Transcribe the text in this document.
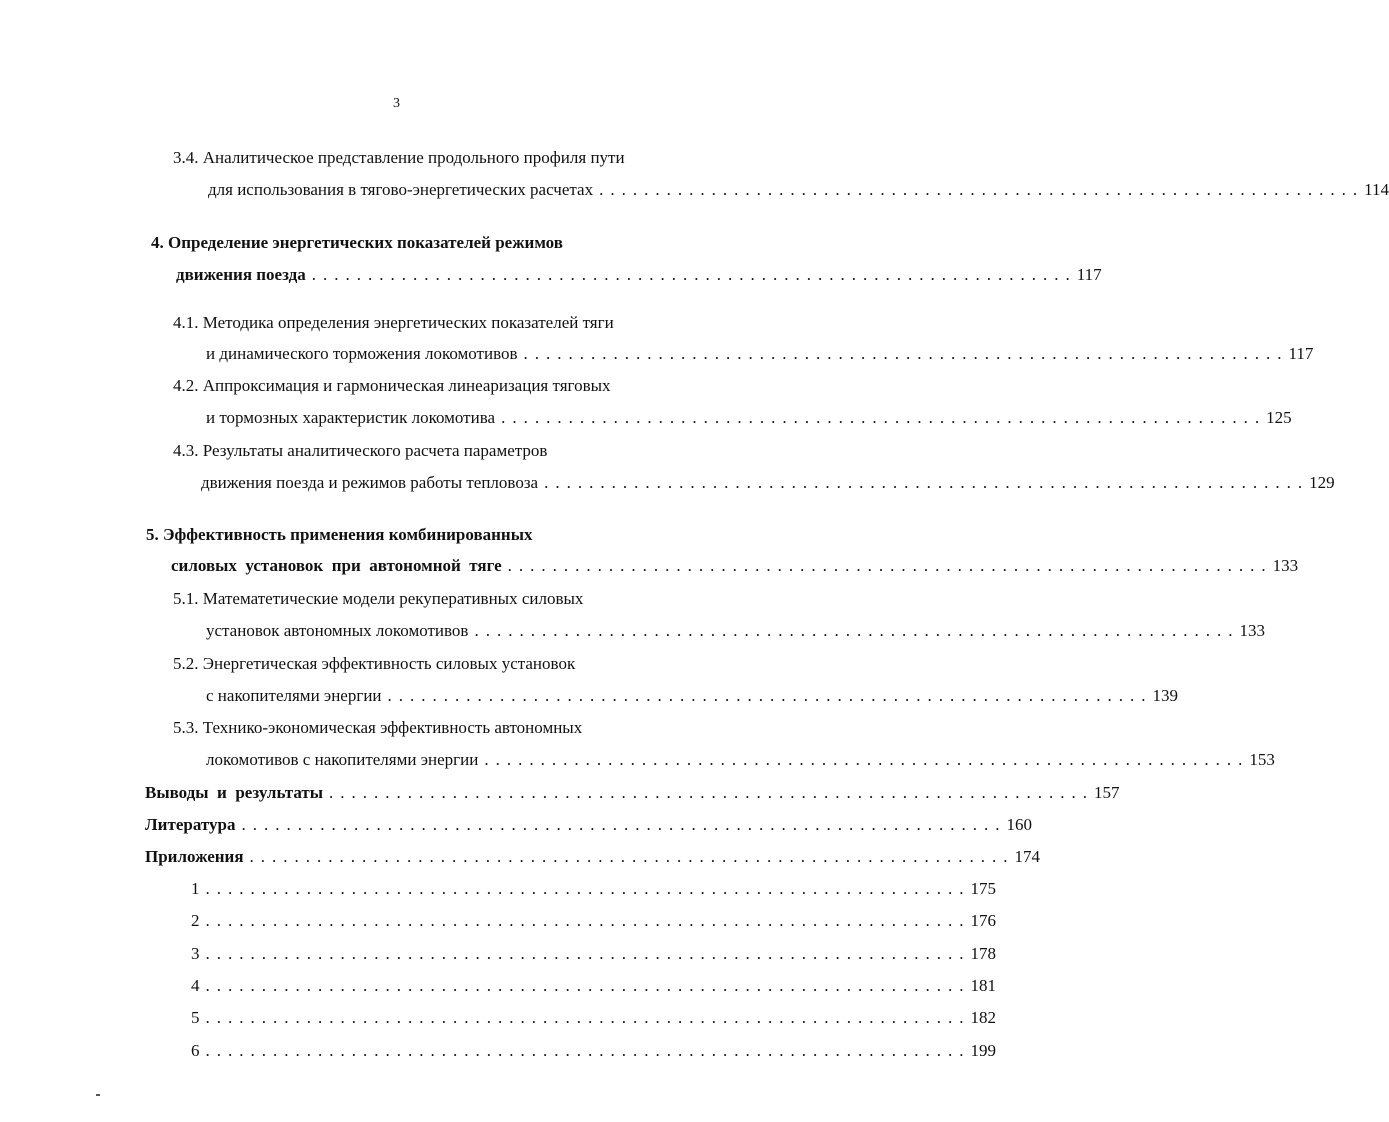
3
3.4. Аналитическое представление продольного профиля пути
для использования в тягово-энергетических расчетах .................................................................... 114
4. Определение энергетических показателей режимов
движения поезда .................................................................... 117
4.1. Методика определения энергетических показателей тяги
и динамического торможения локомотивов .................................................................... 117
4.2. Аппроксимация и гармоническая линеаризация тяговых
и тормозных характеристик локомотива .................................................................... 125
4.3. Результаты аналитического расчета параметров
движения поезда и режимов работы тепловоза .................................................................... 129
5. Эффективность применения комбинированных
силовых  установок  при  автономной  тяге .................................................................... 133
5.1. Математетические модели рекуперативных силовых
установок автономных локомотивов .................................................................... 133
5.2. Энергетическая эффективность силовых установок
с накопителями энергии .................................................................... 139
5.3. Технико-экономическая эффективность автономных
локомотивов с накопителями энергии .................................................................... 153
Выводы  и  результаты .................................................................... 157
Литература .................................................................... 160
Приложения .................................................................... 174
1 .................................................................... 175
2 .................................................................... 176
3 .................................................................... 178
4 .................................................................... 181
5 .................................................................... 182
6 .................................................................... 199
